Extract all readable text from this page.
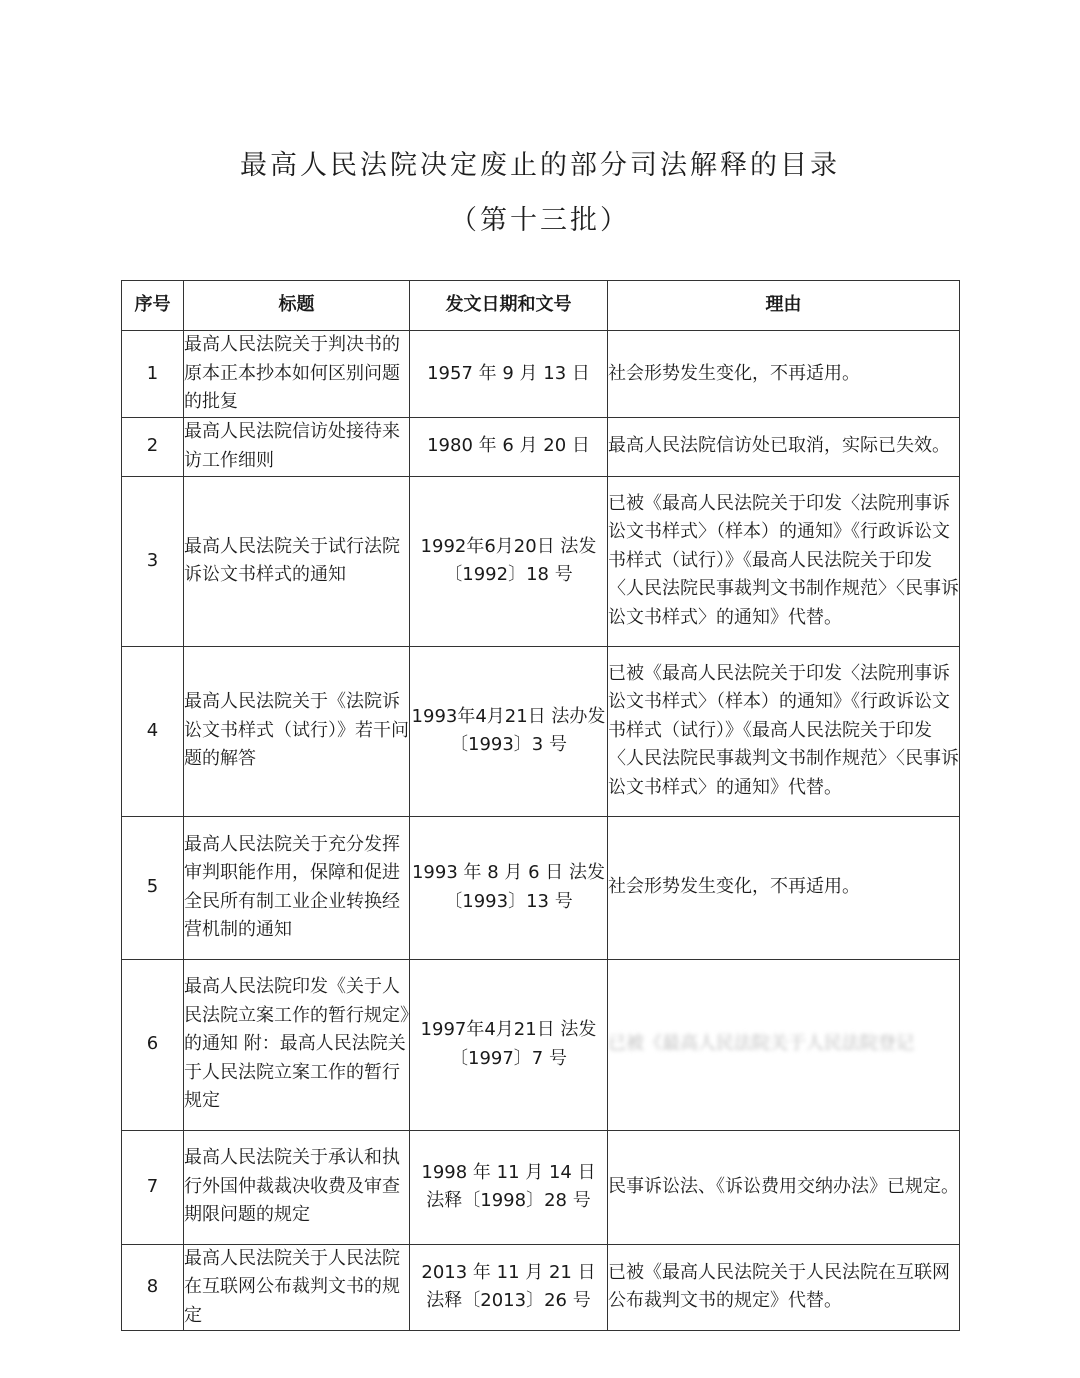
最高人民法院决定废止的部分司法解释的目录
（第十三批）
序号	标题	发文日期和文号	理由
1	最高人民法院关于判决书的原本正本抄本如何区别问题的批复	1957 年 9 月 13 日	社会形势发生变化，不再适用。
2	最高人民法院信访处接待来访工作细则	1980 年 6 月 20 日	最高人民法院信访处已取消，实际已失效。
3	最高人民法院关于试行法院诉讼文书样式的通知	1992年6月20日 法发〔1992〕18 号	已被《最高人民法院关于印发〈法院刑事诉讼文书样式〉（样本）的通知》《行政诉讼文书样式（试行）》《最高人民法院关于印发〈人民法院民事裁判文书制作规范〉〈民事诉讼文书样式〉的通知》代替。
4	最高人民法院关于《法院诉讼文书样式（试行）》若干问题的解答	1993年4月21日 法办发〔1993〕3 号	已被《最高人民法院关于印发〈法院刑事诉讼文书样式〉（样本）的通知》《行政诉讼文书样式（试行）》《最高人民法院关于印发〈人民法院民事裁判文书制作规范〉〈民事诉讼文书样式〉的通知》代替。
5	最高人民法院关于充分发挥审判职能作用，保障和促进全民所有制工业企业转换经营机制的通知	1993 年 8 月 6 日 法发〔1993〕13 号	社会形势发生变化，不再适用。
6	最高人民法院印发《关于人民法院立案工作的暂行规定》的通知 附：最高人民法院关于人民法院立案工作的暂行规定	1997年4月21日 法发〔1997〕7 号	已被《最高人民法院关于人民法院登记

7	最高人民法院关于承认和执行外国仲裁裁决收费及审查期限问题的规定	1998 年 11 月 14 日 法释〔1998〕28 号	民事诉讼法、《诉讼费用交纳办法》已规定。
8	最高人民法院关于人民法院在互联网公布裁判文书的规定	2013 年 11 月 21 日 法释〔2013〕26 号	已被《最高人民法院关于人民法院在互联网公布裁判文书的规定》代替。
